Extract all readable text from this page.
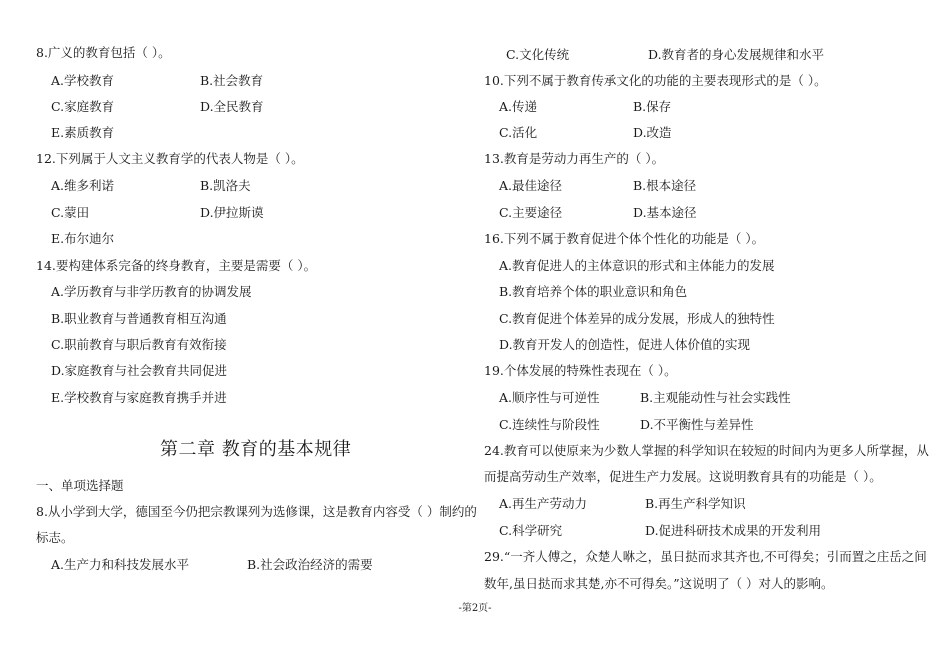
8.广义的教育包括（ ）。
A.学校教育	B.社会教育
C.家庭教育	D.全民教育
E.素质教育
12.下列属于人文主义教育学的代表人物是（ ）。
A.维多利诺	B.凯洛夫
C.蒙田	D.伊拉斯谟
E.布尔迪尔
14.要构建体系完备的终身教育，主要是需要（ ）。
A.学历教育与非学历教育的协调发展
B.职业教育与普通教育相互沟通
C.职前教育与职后教育有效衔接
D.家庭教育与社会教育共同促进
E.学校教育与家庭教育携手并进
第二章 教育的基本规律
一、单项选择题
8.从小学到大学，德国至今仍把宗教课列为选修课，这是教育内容受（ ）制约的
标志。
A.生产力和科技发展水平	B.社会政治经济的需要
C.文化传统	D.教育者的身心发展规律和水平
10.下列不属于教育传承文化的功能的主要表现形式的是（ ）。
A.传递	B.保存
C.活化	D.改造
13.教育是劳动力再生产的（ ）。
A.最佳途径	B.根本途径
C.主要途径	D.基本途径
16.下列不属于教育促进个体个性化的功能是（ ）。
A.教育促进人的主体意识的形式和主体能力的发展
B.教育培养个体的职业意识和角色
C.教育促进个体差异的成分发展，形成人的独特性
D.教育开发人的创造性，促进人体价值的实现
19.个体发展的特殊性表现在（ ）。
A.顺序性与可逆性	B.主观能动性与社会实践性
C.连续性与阶段性	D.不平衡性与差异性
24.教育可以使原来为少数人掌握的科学知识在较短的时间内为更多人所掌握，从
而提高劳动生产效率，促进生产力发展。这说明教育具有的功能是（ ）。
A.再生产劳动力	B.再生产科学知识
C.科学研究	D.促进科研技术成果的开发利用
29.“一齐人傅之，众楚人咻之，虽日挞而求其齐也,不可得矣；引而置之庄岳之间
数年,虽日挞而求其楚,亦不可得矣。”这说明了（ ）对人的影响。
-第2页-
